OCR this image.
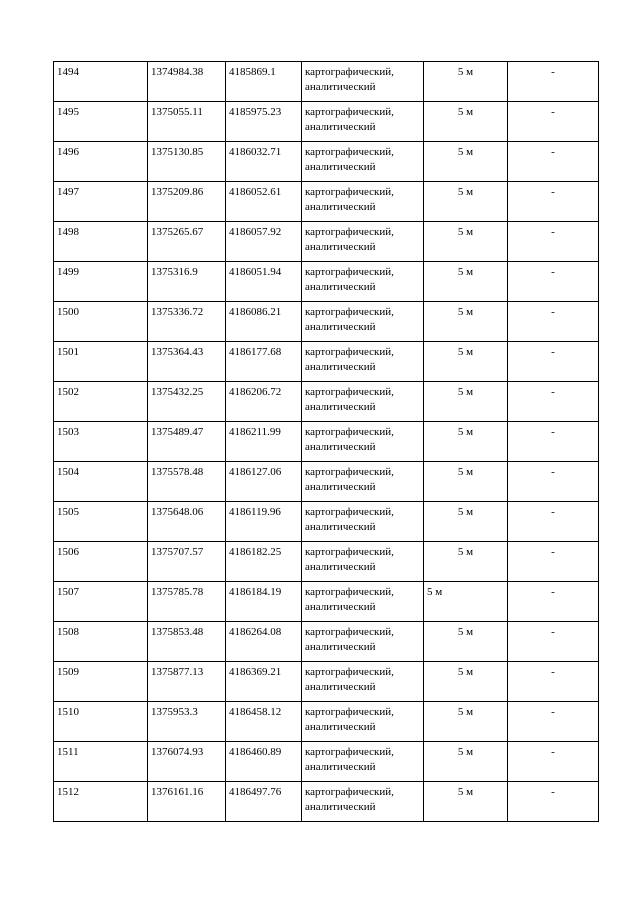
1494	1374984.38	4185869.1	картографический,
аналитический	5 м	-
1495	1375055.11	4185975.23	картографический,
аналитический	5 м	-
1496	1375130.85	4186032.71	картографический,
аналитический	5 м	-
1497	1375209.86	4186052.61	картографический,
аналитический	5 м	-
1498	1375265.67	4186057.92	картографический,
аналитический	5 м	-
1499	1375316.9	4186051.94	картографический,
аналитический	5 м	-
1500	1375336.72	4186086.21	картографический,
аналитический	5 м	-
1501	1375364.43	4186177.68	картографический,
аналитический	5 м	-
1502	1375432.25	4186206.72	картографический,
аналитический	5 м	-
1503	1375489.47	4186211.99	картографический,
аналитический	5 м	-
1504	1375578.48	4186127.06	картографический,
аналитический	5 м	-
1505	1375648.06	4186119.96	картографический,
аналитический	5 м	-
1506	1375707.57	4186182.25	картографический,
аналитический	5 м	-
1507	1375785.78	4186184.19	картографический,
аналитический	5 м	-
1508	1375853.48	4186264.08	картографический,
аналитический	5 м	-
1509	1375877.13	4186369.21	картографический,
аналитический	5 м	-
1510	1375953.3	4186458.12	картографический,
аналитический	5 м	-
1511	1376074.93	4186460.89	картографический,
аналитический	5 м	-
1512	1376161.16	4186497.76	картографический,
аналитический	5 м	-
